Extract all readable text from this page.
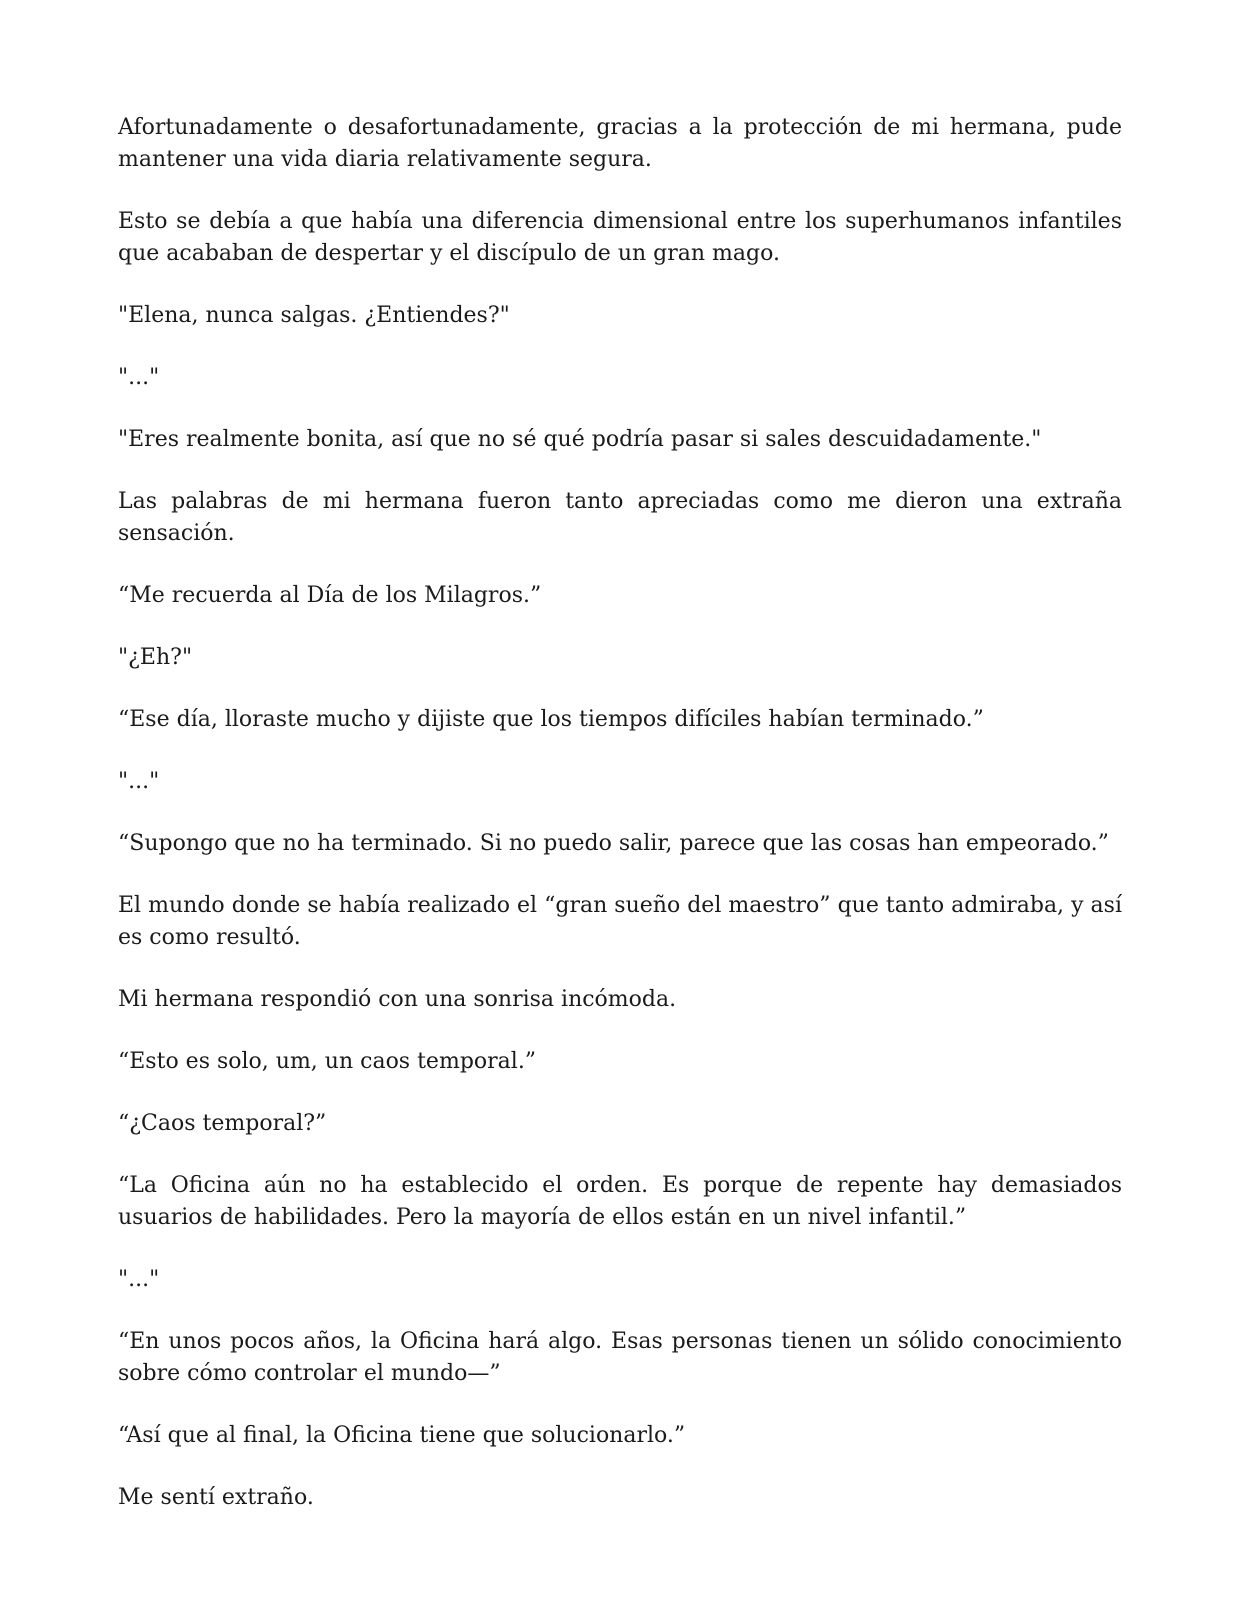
Afortunadamente o desafortunadamente, gracias a la protección de mi hermana, pude mantener una vida diaria relativamente segura.

Esto se debía a que había una diferencia dimensional entre los superhumanos infantiles que acababan de despertar y el discípulo de un gran mago.

"Elena, nunca salgas. ¿Entiendes?"

"..."

"Eres realmente bonita, así que no sé qué podría pasar si sales descuidadamente."

Las palabras de mi hermana fueron tanto apreciadas como me dieron una extraña sensación.

“Me recuerda al Día de los Milagros.”

"¿Eh?"

“Ese día, lloraste mucho y dijiste que los tiempos difíciles habían terminado.”

"..."

“Supongo que no ha terminado. Si no puedo salir, parece que las cosas han empeorado.”

El mundo donde se había realizado el “gran sueño del maestro” que tanto admiraba, y así es como resultó.

Mi hermana respondió con una sonrisa incómoda.

“Esto es solo, um, un caos temporal.”

“¿Caos temporal?”

“La Oficina aún no ha establecido el orden. Es porque de repente hay demasiados usuarios de habilidades. Pero la mayoría de ellos están en un nivel infantil.”

"..."

“En unos pocos años, la Oficina hará algo. Esas personas tienen un sólido conocimiento sobre cómo controlar el mundo—”

“Así que al final, la Oficina tiene que solucionarlo.”

Me sentí extraño.
